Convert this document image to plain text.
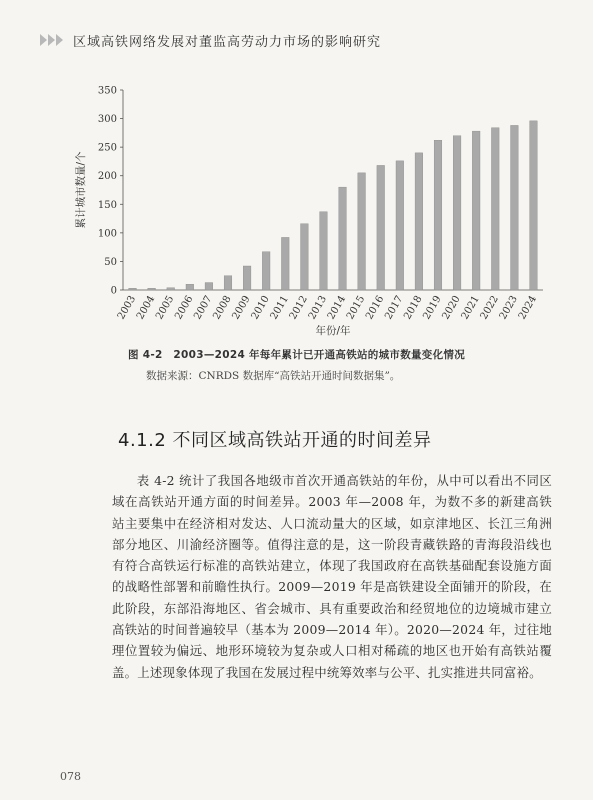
区域高铁网络发展对董监高劳动力市场的影响研究
0
50
100
150
200
250
300
350
2003
2004
2005
2006
2007
2008
2009
2010
2011
2012
2013
2014
2015
2016
2017
2018
2019
2020
2021
2022
2023
2024
年份/年
累计城市数量/个
图 4-2　2003—2024 年每年累计已开通高铁站的城市数量变化情况
数据来源：CNRDS 数据库“高铁站开通时间数据集”。
4.1.2 不同区域高铁站开通的时间差异

表 4-2 统计了我国各地级市首次开通高铁站的年份，从中可以看出不同区域在高铁站开通方面的时间差异。2003 年—2008 年，为数不多的新建高铁站主要集中在经济相对发达、人口流动量大的区域，如京津地区、长江三角洲部分地区、川渝经济圈等。值得注意的是，这一阶段青藏铁路的青海段沿线也有符合高铁运行标准的高铁站建立，体现了我国政府在高铁基础配套设施方面的战略性部署和前瞻性执行。2009—2019 年是高铁建设全面铺开的阶段，在此阶段，东部沿海地区、省会城市、具有重要政治和经贸地位的边境城市建立高铁站的时间普遍较早（基本为 2009—2014 年）。2020—2024 年，过往地理位置较为偏远、地形环境较为复杂或人口相对稀疏的地区也开始有高铁站覆盖。上述现象体现了我国在发展过程中统筹效率与公平、扎实推进共同富裕。

078
